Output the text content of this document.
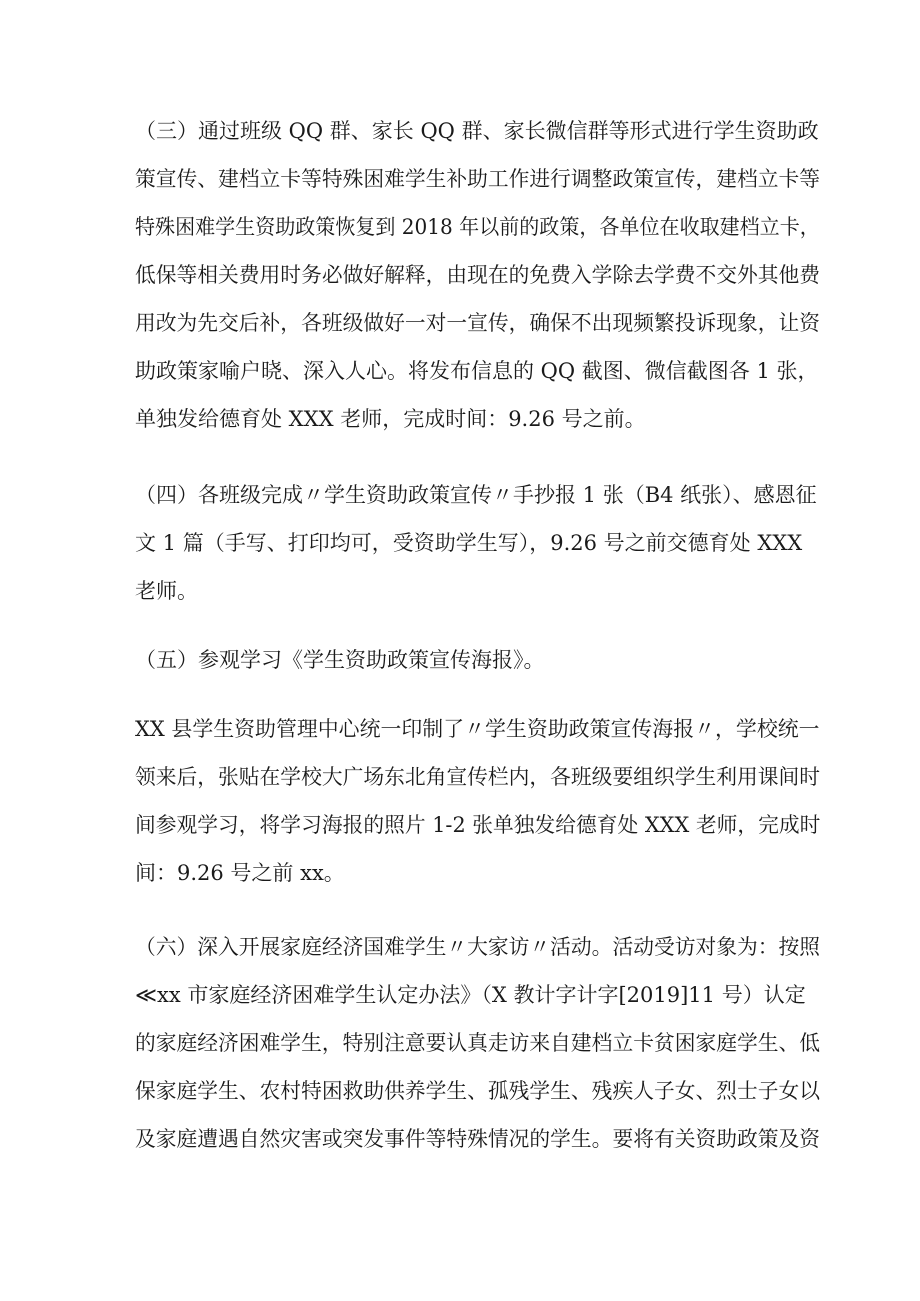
（三）通过班级 QQ 群、家长 QQ 群、家长微信群等形式进行学生资助政

策宣传、建档立卡等特殊困难学生补助工作进行调整政策宣传，建档立卡等

特殊困难学生资助政策恢复到 2018 年以前的政策，各单位在收取建档立卡，

低保等相关费用时务必做好解释，由现在的免费入学除去学费不交外其他费

用改为先交后补，各班级做好一对一宣传，确保不出现频繁投诉现象，让资

助政策家喻户晓、深入人心。将发布信息的 QQ 截图、微信截图各 1 张，

单独发给德育处 XXX 老师，完成时间：9.26 号之前。

（四）各班级完成〃学生资助政策宣传〃手抄报 1 张（B4 纸张）、感恩征

文 1 篇（手写、打印均可，受资助学生写），9.26 号之前交德育处 XXX

老师。

（五）参观学习《学生资助政策宣传海报》。

XX 县学生资助管理中心统一印制了〃学生资助政策宣传海报〃，学校统一

领来后，张贴在学校大广场东北角宣传栏内，各班级要组织学生利用课间时

间参观学习，将学习海报的照片 1-2 张单独发给德育处 XXX 老师，完成时

间：9.26 号之前 xx。

（六）深入开展家庭经济国难学生〃大家访〃活动。活动受访对象为：按照

≪xx 市家庭经济困难学生认定办法》（X 教计字计字[2019]11 号）认定

的家庭经济困难学生，特别注意要认真走访来自建档立卡贫困家庭学生、低

保家庭学生、农村特困救助供养学生、孤残学生、残疾人子女、烈士子女以

及家庭遭遇自然灾害或突发事件等特殊情况的学生。要将有关资助政策及资
